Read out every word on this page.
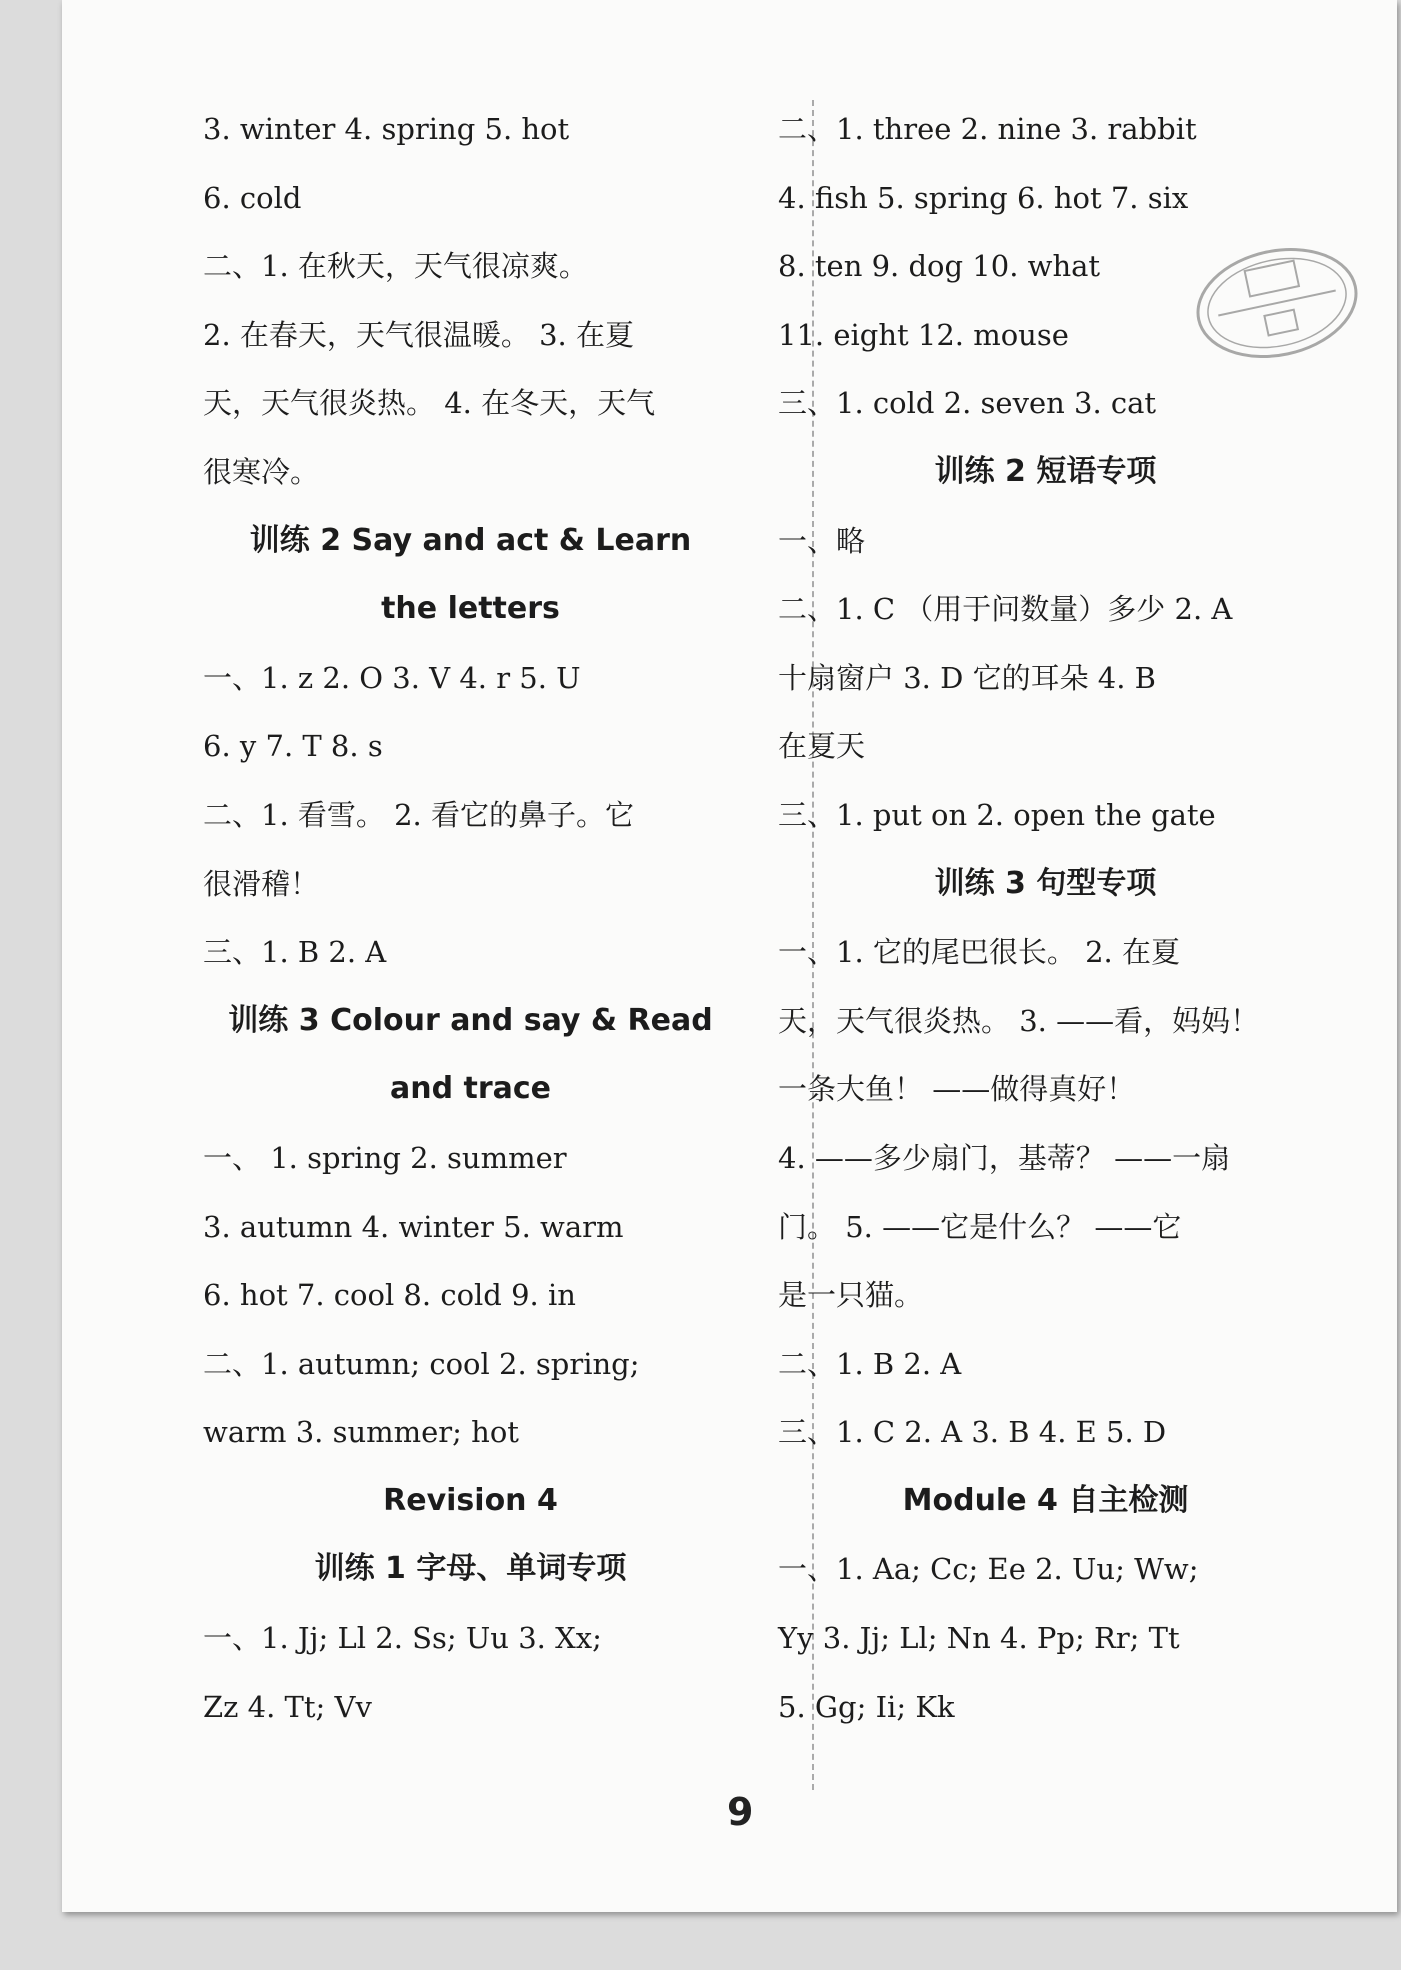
3. winter 4. spring 5. hot
6. cold
二、1. 在秋天，天气很凉爽。
2. 在春天，天气很温暖。 3. 在夏
天，天气很炎热。 4. 在冬天，天气
很寒冷。
训练 2 Say and act & Learn
the letters
一、1. z 2. O 3. V 4. r 5. U
6. y 7. T 8. s
二、1. 看雪。 2. 看它的鼻子。它
很滑稽！
三、1. B 2. A
训练 3 Colour and say & Read
and trace
一、 1. spring 2. summer
3. autumn 4. winter 5. warm
6. hot 7. cool 8. cold 9. in
二、1. autumn; cool 2. spring;
warm 3. summer; hot
Revision 4
训练 1 字母、单词专项
一、1. Jj; Ll 2. Ss; Uu 3. Xx;
Zz 4. Tt; Vv
二、1. three 2. nine 3. rabbit
4. fish 5. spring 6. hot 7. six
8. ten 9. dog 10. what
11. eight 12. mouse
三、1. cold 2. seven 3. cat
训练 2 短语专项
一、略
二、1. C （用于问数量）多少 2. A
十扇窗户 3. D 它的耳朵 4. B
在夏天
三、1. put on 2. open the gate
训练 3 句型专项
一、1. 它的尾巴很长。 2. 在夏
天，天气很炎热。 3. ——看，妈妈！
一条大鱼！ ——做得真好！
4. ——多少扇门，基蒂？ ——一扇
门。 5. ——它是什么？ ——它
是一只猫。
二、1. B 2. A
三、1. C 2. A 3. B 4. E 5. D
Module 4 自主检测
一、1. Aa; Cc; Ee 2. Uu; Ww;
Yy 3. Jj; Ll; Nn 4. Pp; Rr; Tt
5. Gg; Ii; Kk
9
